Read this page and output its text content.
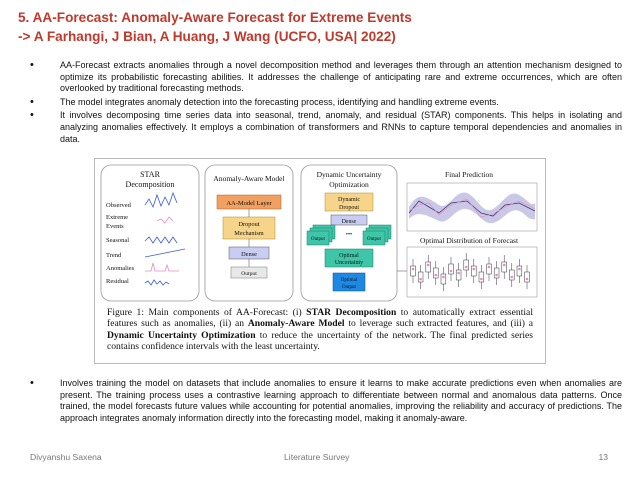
5. AA-Forecast: Anomaly-Aware Forecast for Extreme Events
-> A Farhangi, J Bian, A Huang, J Wang (UCFO, USA| 2022)
•	AA-Forecast extracts anomalies through a novel decomposition method and leverages them through an attention mechanism designed to optimize its probabilistic forecasting abilities. It addresses the challenge of anticipating rare and extreme occurrences, which are often overlooked by traditional forecasting methods.
•	The model integrates anomaly detection into the forecasting process, identifying and handling extreme events.
•	It involves decomposing time series data into seasonal, trend, anomaly, and residual (STAR) components. This helps in isolating and analyzing anomalies effectively. It employs a combination of transformers and RNNs to capture temporal dependencies and anomalies in data.
STAR
Decomposition
Observed
Extreme
Events
Seasonal
Trend
Anomalies
Residual
Anomaly-Aware Model
AA-Model Layer
Dropout
Mechanism
Dense
Output
Dynamic Uncertainty
Optimization
Dynamic
Dropout
Dense
Output
•••
Output
Optimal
Uncertainty
Optimal
Output
Final Prediction
Optimal Distribution of Forecast
Figure 1: Main components of AA-Forecast: (i) STAR Decomposition to automatically extract essential features such as anomalies, (ii) an Anomaly-Aware Model to leverage such extracted features, and (iii) a Dynamic Uncertainty Optimization to reduce the uncertainty of the network. The final predicted series contains confidence intervals with the least uncertainty.
•	Involves training the model on datasets that include anomalies to ensure it learns to make accurate predictions even when anomalies are present. The training process uses a contrastive learning approach to differentiate between normal and anomalous data patterns. Once trained, the model forecasts future values while accounting for potential anomalies, improving the reliability and accuracy of predictions. The approach integrates anomaly information directly into the forecasting model, making it anomaly-aware.
Divyanshu Saxena	Literature Survey	13
